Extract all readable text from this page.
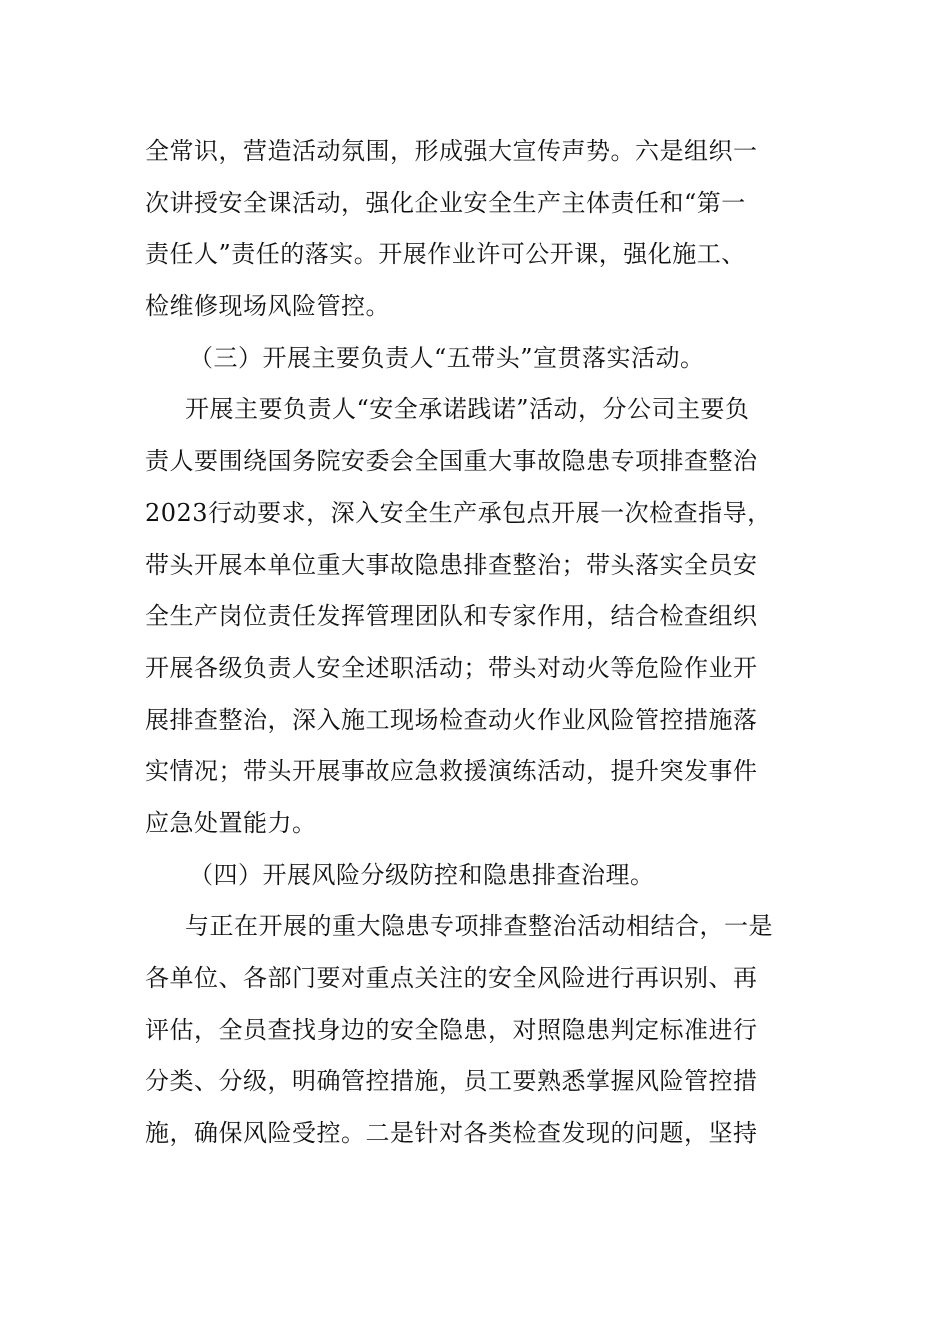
全常识，营造活动氛围，形成强大宣传声势。六是组织一

次讲授安全课活动，强化企业安全生产主体责任和“第一

责任人”责任的落实。开展作业许可公开课，强化施工、

检维修现场风险管控。

（三）开展主要负责人“五带头”宣贯落实活动。

开展主要负责人“安全承诺践诺”活动，分公司主要负

责人要围绕国务院安委会全国重大事故隐患专项排查整治

2023行动要求，深入安全生产承包点开展一次检查指导，

带头开展本单位重大事故隐患排查整治；带头落实全员安

全生产岗位责任发挥管理团队和专家作用，结合检查组织

开展各级负责人安全述职活动；带头对动火等危险作业开

展排查整治，深入施工现场检查动火作业风险管控措施落

实情况；带头开展事故应急救援演练活动，提升突发事件

应急处置能力。

（四）开展风险分级防控和隐患排查治理。

与正在开展的重大隐患专项排查整治活动相结合，一是

各单位、各部门要对重点关注的安全风险进行再识别、再

评估，全员查找身边的安全隐患，对照隐患判定标准进行

分类、分级，明确管控措施，员工要熟悉掌握风险管控措

施，确保风险受控。二是针对各类检查发现的问题，坚持
